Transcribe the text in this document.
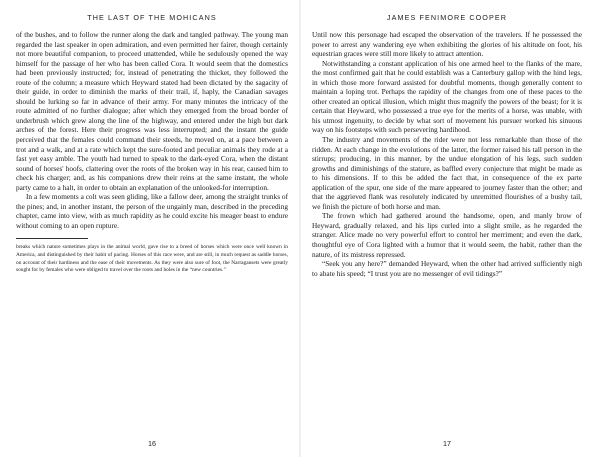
THE LAST OF THE MOHICANS

of the bushes, and to follow the runner along the dark and tangled pathway. The young man regarded the last speaker in open admiration, and even permitted her fairer, though certainly not more beautiful companion, to proceed unattended, while he sedulously opened the way himself for the passage of her who has been called Cora. It would seem that the domestics had been previously instructed; for, instead of penetrating the thicket, they followed the route of the column; a measure which Heyward stated had been dictated by the sagacity of their guide, in order to diminish the marks of their trail, if, haply, the Canadian savages should be lurking so far in advance of their army. For many minutes the intricacy of the route admitted of no further dialogue; after which they emerged from the broad border of underbrush which grew along the line of the highway, and entered under the high but dark arches of the forest. Here their progress was less interrupted; and the instant the guide perceived that the females could command their steeds, he moved on, at a pace between a trot and a walk, and at a rate which kept the sure-footed and peculiar animals they rode at a fast yet easy amble. The youth had turned to speak to the dark-eyed Cora, when the distant sound of horses' hoofs, clattering over the roots of the broken way in his rear, caused him to check his charger; and, as his companions drew their reins at the same instant, the whole party came to a halt, in order to obtain an explanation of the unlooked-for interruption.

In a few moments a colt was seen gliding, like a fallow deer, among the straight trunks of the pines; and, in another instant, the person of the ungainly man, described in the preceding chapter, came into view, with as much rapidity as he could excite his meager beast to endure without coming to an open rupture.

breaks which nature sometimes plays in the animal world, gave rise to a breed of horses which were once well known in America, and distinguished by their habit of pacing. Horses of this race were, and are still, in much request as saddle horses, on account of their hardiness and the ease of their movements. As they were also sure of foot, the Narragansets were greatly sought for by females who were obliged to travel over the roots and holes in the “new countries.”
16
JAMES FENIMORE COOPER

Until now this personage had escaped the observation of the travelers. If he possessed the power to arrest any wandering eye when exhibiting the glories of his altitude on foot, his equestrian graces were still more likely to attract attention.

Notwithstanding a constant application of his one armed heel to the flanks of the mare, the most confirmed gait that he could establish was a Canterbury gallop with the hind legs, in which those more forward assisted for doubtful moments, though generally content to maintain a loping trot. Perhaps the rapidity of the changes from one of these paces to the other created an optical illusion, which might thus magnify the powers of the beast; for it is certain that Heyward, who possessed a true eye for the merits of a horse, was unable, with his utmost ingenuity, to decide by what sort of movement his pursuer worked his sinuous way on his footsteps with such persevering hardihood.

The industry and movements of the rider were not less remarkable than those of the ridden. At each change in the evolutions of the latter, the former raised his tall person in the stirrups; producing, in this manner, by the undue elongation of his legs, such sudden growths and diminishings of the stature, as baffled every conjecture that might be made as to his dimensions. If to this be added the fact that, in consequence of the ex parte application of the spur, one side of the mare appeared to journey faster than the other; and that the aggrieved flank was resolutely indicated by unremitted flourishes of a bushy tail, we finish the picture of both horse and man.

The frown which had gathered around the handsome, open, and manly brow of Heyward, gradually relaxed, and his lips curled into a slight smile, as he regarded the stranger. Alice made no very powerful effort to control her merriment; and even the dark, thoughtful eye of Cora lighted with a humor that it would seem, the habit, rather than the nature, of its mistress repressed.

“Seek you any here?” demanded Heyward, when the other had arrived sufficiently nigh to abate his speed; “I trust you are no messenger of evil tidings?”

17
